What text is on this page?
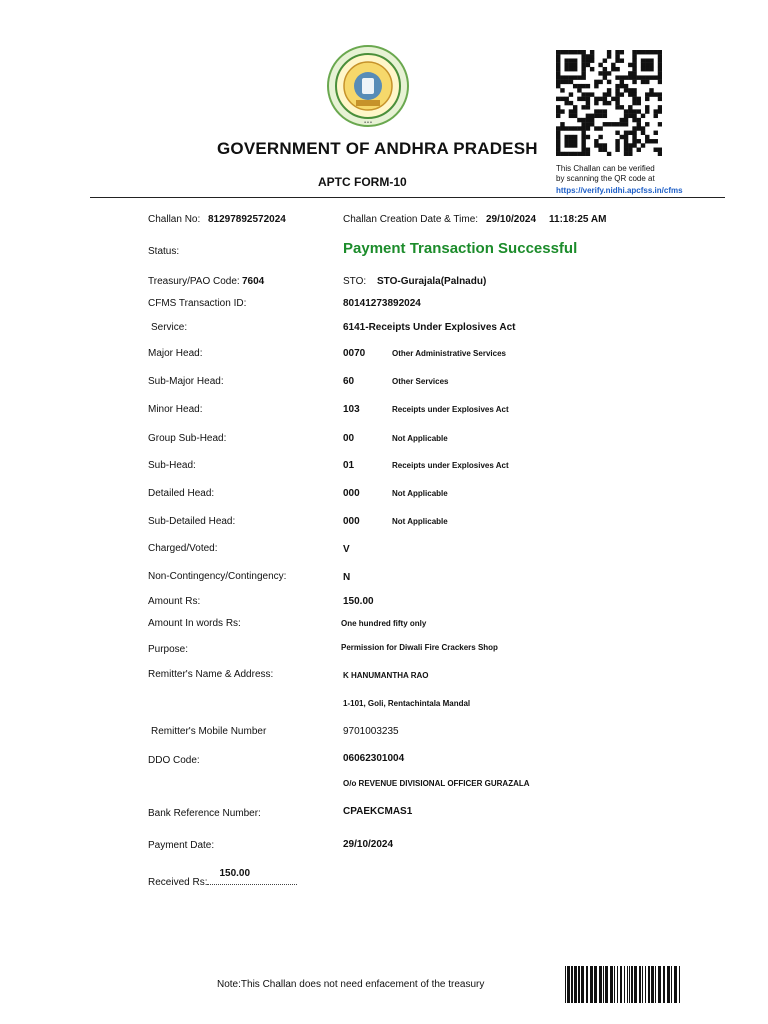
•••
GOVERNMENT OF ANDHRA PRADESH
APTC FORM-10
This Challan can be verified
by scanning the QR code at
https://verify.nidhi.apcfss.in/cfms
Challan No: 81297892572024	Challan Creation Date & Time: 29/10/2024 11:18:25 AM
Status:	Payment Transaction Successful
Treasury/PAO Code: 7604	STO: STO-Gurajala(Palnadu)
CFMS Transaction ID:	80141273892024
Service:	6141-Receipts Under Explosives Act
Major Head:	0070	Other Administrative Services
Sub-Major Head:	60	Other Services
Minor Head:	103	Receipts under Explosives Act
Group Sub-Head:	00	Not Applicable
Sub-Head:	01	Receipts under Explosives Act
Detailed Head:	000	Not Applicable
Sub-Detailed Head:	000	Not Applicable
Charged/Voted:	V
Non-Contingency/Contingency:	N
Amount Rs:	150.00
Amount In words Rs:	One hundred fifty only
Purpose:	Permission for Diwali Fire Crackers Shop
Remitter's Name & Address:	K HANUMANTHA RAO
1-101, Goli, Rentachintala Mandal
Remitter's Mobile Number	9701003235
DDO Code:	06062301004
O/o REVENUE DIVISIONAL OFFICER GURAZALA
Bank Reference Number:	CPAEKCMAS1
Payment Date:	29/10/2024
Received Rs:
150.00
Note:This Challan does not need enfacement of the treasury
